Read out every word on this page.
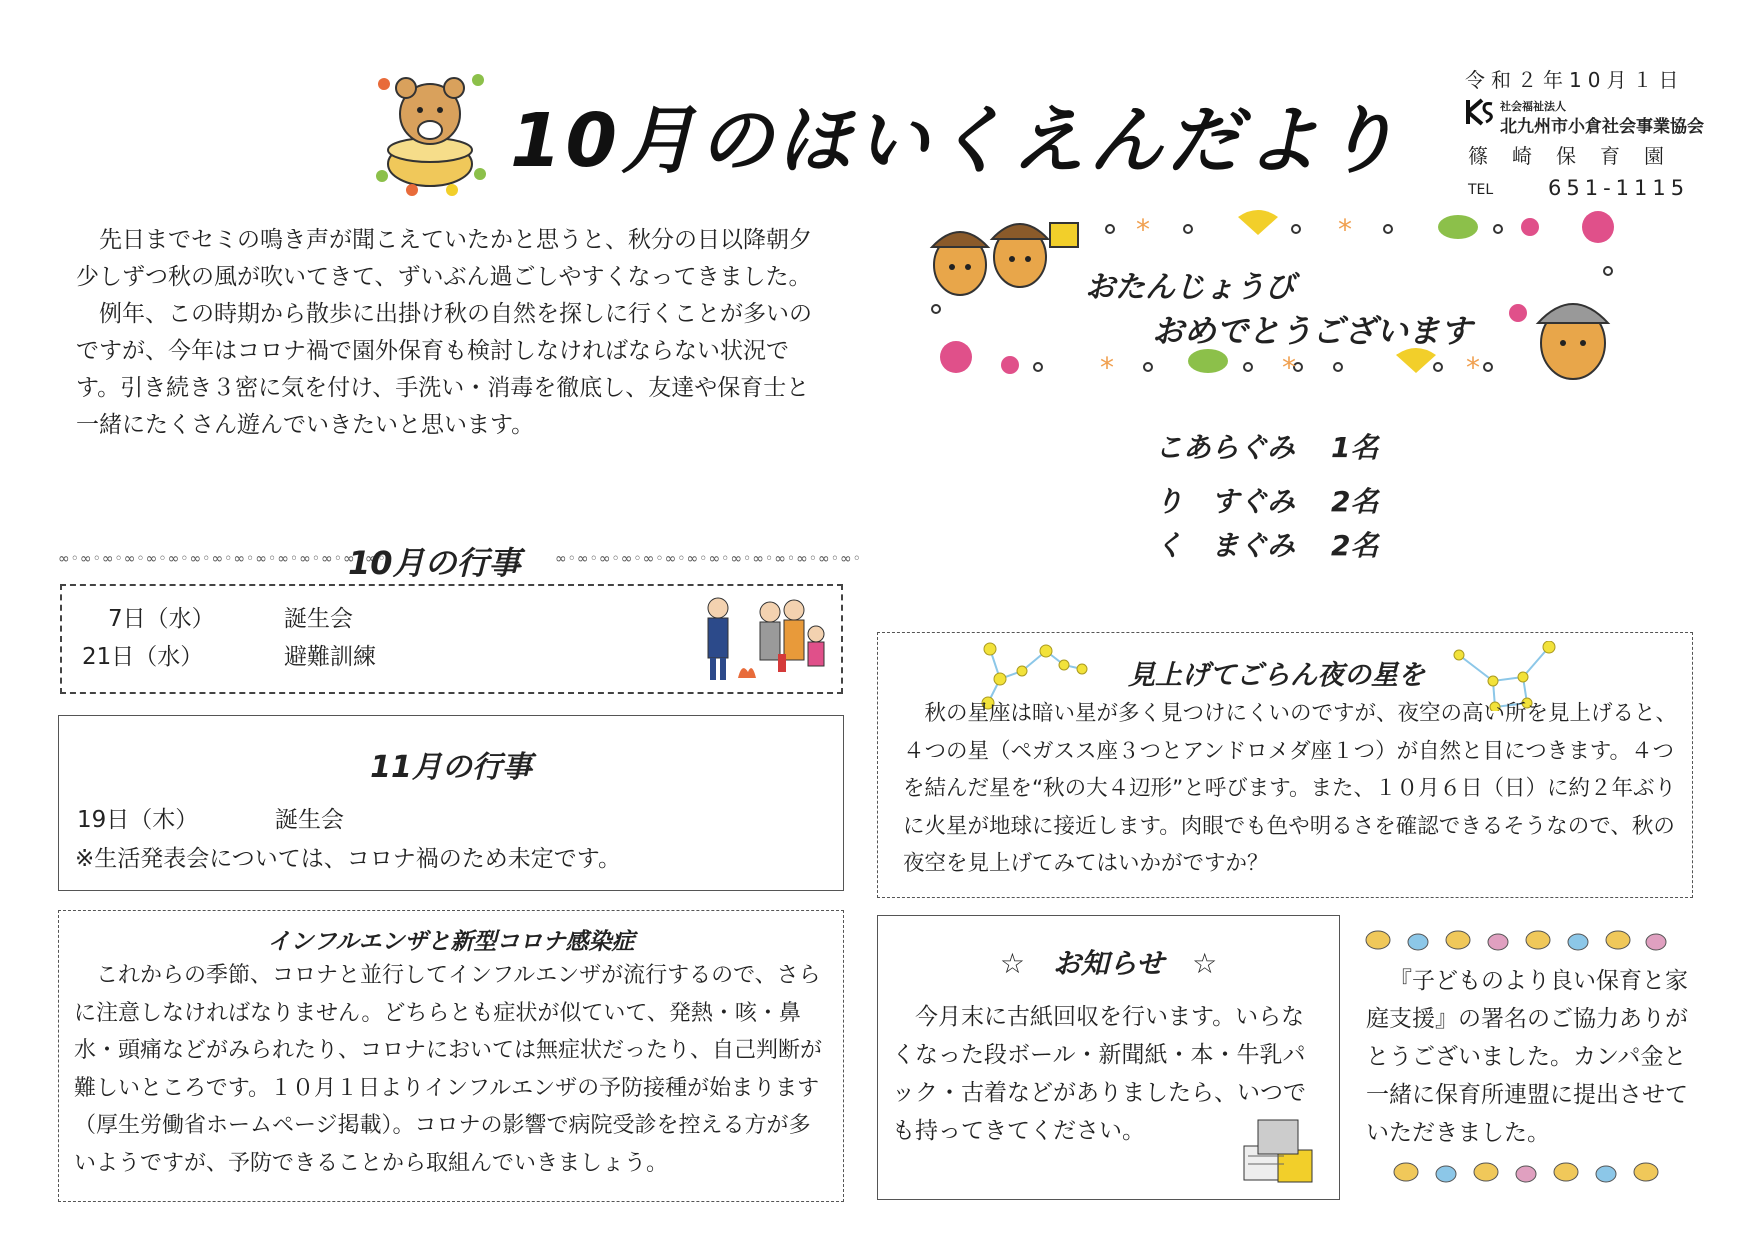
10月のほいくえんだより
令和２年10月１日
社会福祉法人
北九州市小倉社会事業協会
篠崎保育園
TEL	651-1115

先日までセミの鳴き声が聞こえていたかと思うと、秋分の日以降朝夕少しずつ秋の風が吹いてきて、ずいぶん過ごしやすくなってきました。

例年、この時期から散歩に出掛け秋の自然を探しに行くことが多いのですが、今年はコロナ禍で園外保育も検討しなければならない状況です。引き続き３密に気を付け、手洗い・消毒を徹底し、友達や保育士と一緒にたくさん遊んでいきたいと思います。

*	*
*	*	*
おたんじょうび
おめでとうございます
こあらぐみ 1名
り　すぐみ 2名
く　まぐみ 2名
∞◦∞◦∞◦∞◦∞◦∞◦∞◦∞◦∞◦∞◦∞◦∞◦∞◦∞◦∞◦
10月の行事 ∞◦∞◦∞◦∞◦∞◦∞◦∞◦∞◦∞◦∞◦∞◦∞◦∞◦∞◦
7日（水）	誕生会
21日（水）	避難訓練
11月の行事
19日（木）	誕生会
※生活発表会については、コロナ禍のため未定です。
インフルエンザと新型コロナ感染症

これからの季節、コロナと並行してインフルエンザが流行するので、さらに注意しなければなりません。どちらとも症状が似ていて、発熱・咳・鼻水・頭痛などがみられたり、コロナにおいては無症状だったり、自己判断が難しいところです。１０月１日よりインフルエンザの予防接種が始まります（厚生労働省ホームページ掲載）。コロナの影響で病院受診を控える方が多いようですが、予防できることから取組んでいきましょう。

見上げてごらん夜の星を

秋の星座は暗い星が多く見つけにくいのですが、夜空の高い所を見上げると、４つの星（ペガスス座３つとアンドロメダ座１つ）が自然と目につきます。４つを結んだ星を“秋の大４辺形”と呼びます。また、１０月６日（日）に約２年ぶりに火星が地球に接近します。肉眼でも色や明るさを確認できるそうなので、秋の夜空を見上げてみてはいかがですか？

☆　お知らせ　☆

今月末に古紙回収を行います。いらなくなった段ボール・新聞紙・本・牛乳パック・古着などがありましたら、いつでも持ってきてください。

『子どものより良い保育と家庭支援』の署名のご協力ありがとうございました。カンパ金と一緒に保育所連盟に提出させていただきました。
